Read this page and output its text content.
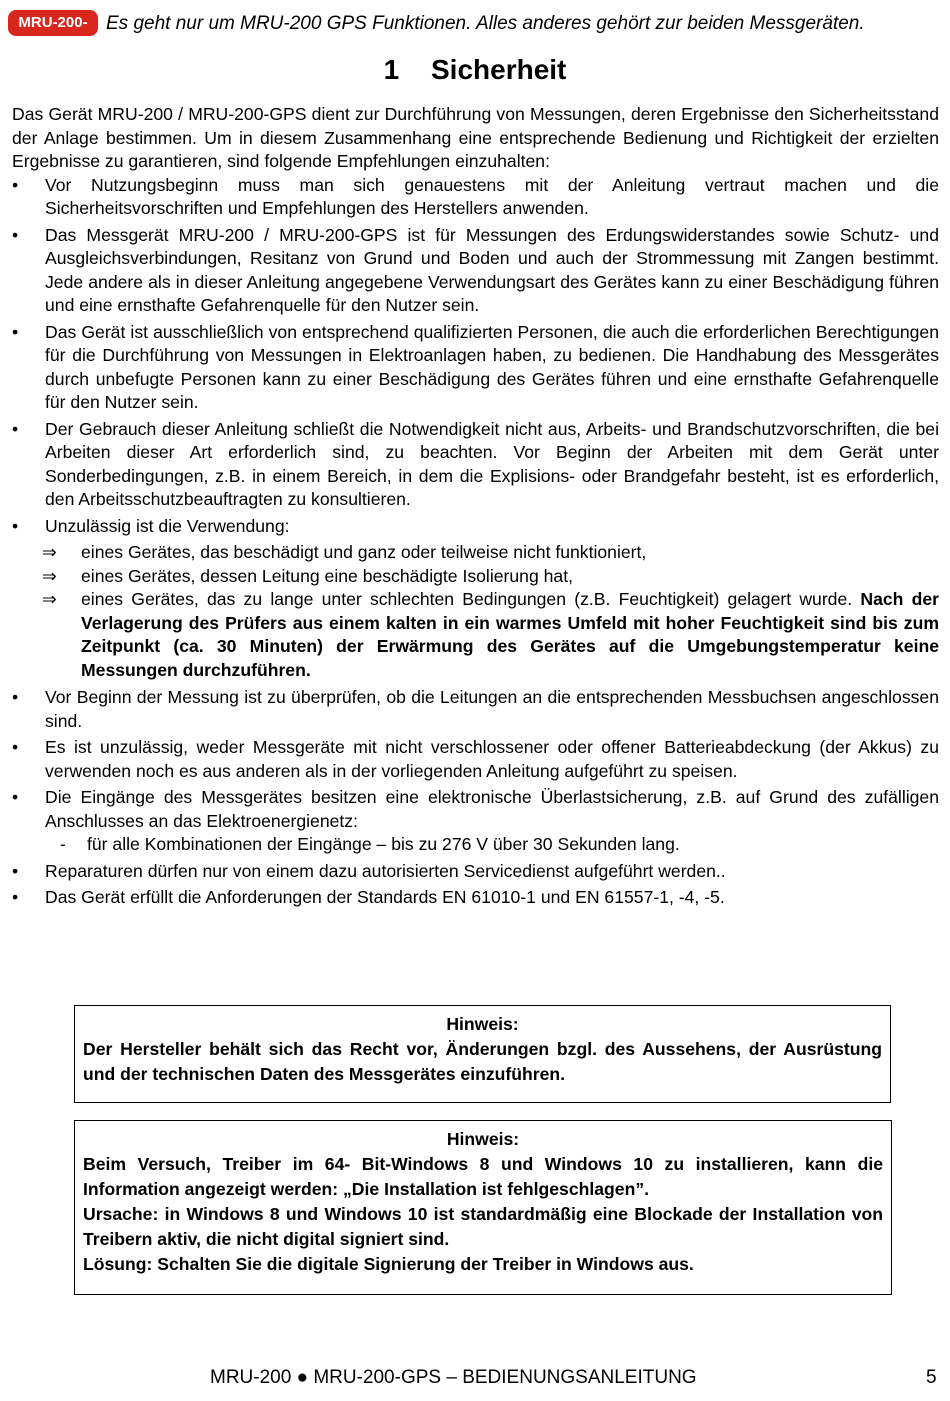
MRU-200-GPS
Es geht nur um MRU-200 GPS Funktionen. Alles anderes gehört zur beiden Messgeräten.
1 Sicherheit

Das Gerät MRU-200 / MRU-200-GPS dient zur Durchführung von Messungen, deren Ergebnisse den Sicherheitsstand der Anlage bestimmen. Um in diesem Zusammenhang eine entsprechende Bedienung und Richtigkeit der erzielten Ergebnisse zu garantieren, sind folgende Empfehlungen einzuhalten:

• Vor Nutzungsbeginn muss man sich genauestens mit der Anleitung vertraut machen und die Sicherheitsvorschriften und Empfehlungen des Herstellers anwenden.
• Das Messgerät MRU-200 / MRU-200-GPS ist für Messungen des Erdungswiderstandes sowie Schutz- und Ausgleichsverbindungen, Resitanz von Grund und Boden und auch der Strommessung mit Zangen bestimmt. Jede andere als in dieser Anleitung angegebene Verwendungsart des Gerätes kann zu einer Beschädigung führen und eine ernsthafte Gefahrenquelle für den Nutzer sein.
• Das Gerät ist ausschließlich von entsprechend qualifizierten Personen, die auch die erforderlichen Berechtigungen für die Durchführung von Messungen in Elektroanlagen haben, zu bedienen. Die Handhabung des Messgerätes durch unbefugte Personen kann zu einer Beschädigung des Gerätes führen und eine ernsthafte Gefahrenquelle für den Nutzer sein.
• Der Gebrauch dieser Anleitung schließt die Notwendigkeit nicht aus, Arbeits- und Brandschutzvorschriften, die bei Arbeiten dieser Art erforderlich sind, zu beachten. Vor Beginn der Arbeiten mit dem Gerät unter Sonderbedingungen, z.B. in einem Bereich, in dem die Explisions- oder Brandgefahr besteht, ist es erforderlich, den Arbeitsschutzbeauftragten zu konsultieren.
• Unzulässig ist die Verwendung:
⇒ eines Gerätes, das beschädigt und ganz oder teilweise nicht funktioniert,
⇒ eines Gerätes, dessen Leitung eine beschädigte Isolierung hat,
⇒ eines Gerätes, das zu lange unter schlechten Bedingungen (z.B. Feuchtigkeit) gelagert wurde. Nach der Verlagerung des Prüfers aus einem kalten in ein warmes Umfeld mit hoher Feuchtigkeit sind bis zum Zeitpunkt (ca. 30 Minuten) der Erwärmung des Gerätes auf die Umgebungstemperatur keine Messungen durchzuführen.
• Vor Beginn der Messung ist zu überprüfen, ob die Leitungen an die entsprechenden Messbuchsen angeschlossen sind.
• Es ist unzulässig, weder Messgeräte mit nicht verschlossener oder offener Batterieabdeckung (der Akkus) zu verwenden noch es aus anderen als in der vorliegenden Anleitung aufgeführt zu speisen.
• Die Eingänge des Messgerätes besitzen eine elektronische Überlastsicherung, z.B. auf Grund des zufälligen Anschlusses an das Elektroenergienetz:
- für alle Kombinationen der Eingänge – bis zu 276 V über 30 Sekunden lang.
• Reparaturen dürfen nur von einem dazu autorisierten Servicedienst aufgeführt werden..
• Das Gerät erfüllt die Anforderungen der Standards EN 61010-1 und EN 61557-1, -4, -5.
Hinweis:
Der Hersteller behält sich das Recht vor, Änderungen bzgl. des Aussehens, der Ausrüstung und der technischen Daten des Messgerätes einzuführen.
Hinweis:
Beim Versuch, Treiber im 64- Bit-Windows 8 und Windows 10 zu installieren, kann die Information angezeigt werden: „Die Installation ist fehlgeschlagen”.
Ursache: in Windows 8 und Windows 10 ist standardmäßig eine Blockade der Installation von Treibern aktiv, die nicht digital signiert sind.
Lösung: Schalten Sie die digitale Signierung der Treiber in Windows aus.
MRU-200 ● MRU-200-GPS – BEDIENUNGSANLEITUNG	5
